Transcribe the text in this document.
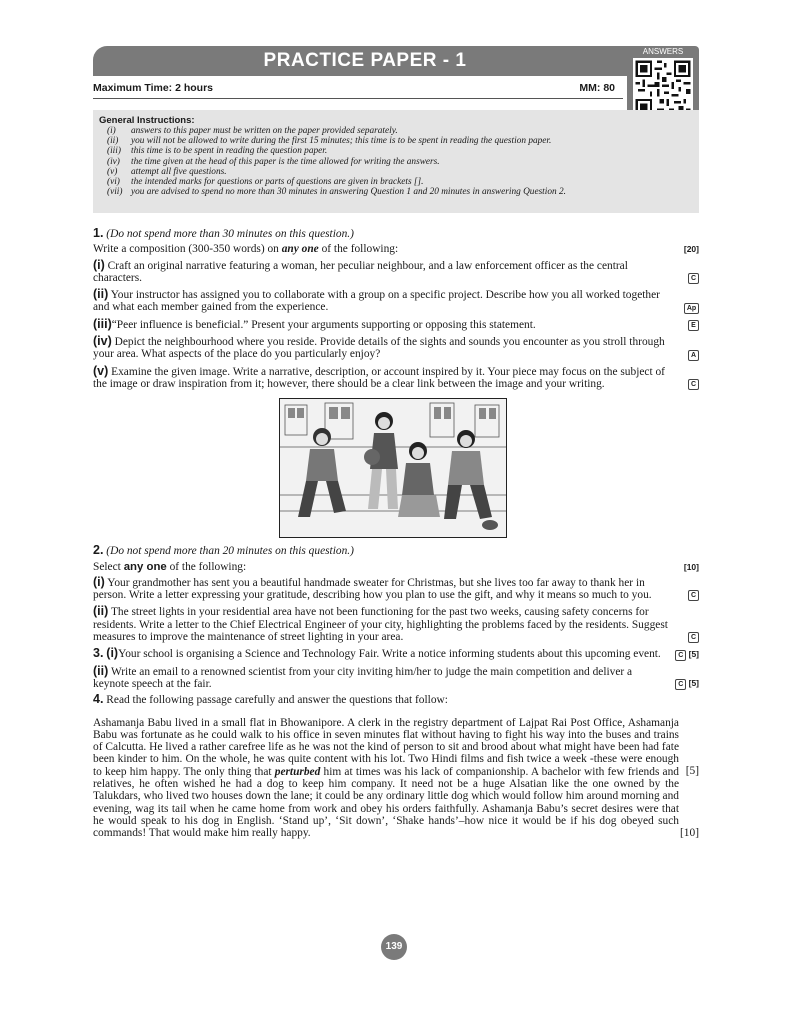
PRACTICE PAPER - 1	ANSWERS
Maximum Time: 2 hours	MM: 80
General Instructions:
(i)	answers to this paper must be written on the paper provided separately.
(ii)	you will not be allowed to write during the first 15 minutes; this time is to be spent in reading the question paper.
(iii)	this time is to be spent in reading the question paper.
(iv)	the time given at the head of this paper is the time allowed for writing the answers.
(v)	attempt all five questions.
(vi)	the intended marks for questions or parts of questions are given in brackets [].
(vii) you are advised to spend no more than 30 minutes in answering Question 1 and 20 minutes in answering Question 2.

1. (Do not spend more than 30 minutes on this question.)

Write a composition (300-350 words) on any one of the following:	[20]

(i) Craft an original narrative featuring a woman, her peculiar neighbour, and a law enforcement officer as the central characters.	C

(ii) Your instructor has assigned you to collaborate with a group on a specific project. Describe how you all worked together and what each member gained from the experience.	Ap

(iii)“Peer influence is beneficial.” Present your arguments supporting or opposing this statement.	E

(iv) Depict the neighbourhood where you reside. Provide details of the sights and sounds you encounter as you stroll through your area. What aspects of the place do you particularly enjoy?	A

(v) Examine the given image. Write a narrative, description, or account inspired by it. Your piece may focus on the subject of the image or draw inspiration from it; however, there should be a clear link between the image and your writing.	C

2. (Do not spend more than 20 minutes on this question.)

Select any one of the following:	[10]

(i) Your grandmother has sent you a beautiful handmade sweater for Christmas, but she lives too far away to thank her in person. Write a letter expressing your gratitude, describing how you plan to use the gift, and why it means so much to you.	C

(ii) The street lights in your residential area have not been functioning for the past two weeks, causing safety concerns for residents. Write a letter to the Chief Electrical Engineer of your city, highlighting the problems faced by the residents. Suggest measures to improve the maintenance of street lighting in your area.	C

3. (i)Your school is organising a Science and Technology Fair. Write a notice informing students about this upcoming event.	C [5]

(ii) Write an email to a renowned scientist from your city inviting him/her to judge the main competition and deliver a keynote speech at the fair.	C [5]

4. Read the following passage carefully and answer the questions that follow:

Ashamanja Babu lived in a small flat in Bhowanipore. A clerk in the registry department of Lajpat Rai Post Office, Ashamanja Babu was fortunate as he could walk to his office in seven minutes flat without having to fight his way into the buses and trains of Calcutta. He lived a rather carefree life as he was not the kind of person to sit and brood about what might have been had fate been kinder to him. On the whole, he was quite content with his lot. Two Hindi films and fish twice a week -these were enough to keep him happy. The only thing that perturbed him at times was his lack of companionship. A bachelor with few friends and relatives, he often wished he had a dog to keep him company. It need not be a huge Alsatian like the one owned by the Talukdars, who lived two houses down the lane; it could be any ordinary little dog which would follow him around morning and evening, wag its tail when he came home from work and obey his orders faithfully. Ashamanja Babu’s secret desires were that he would speak to his dog in English. ‘Stand up’, ‘Sit down’, ‘Shake hands’–how nice it would be if his dog obeyed such commands! That would make him really happy.

[5]
[10]
139
